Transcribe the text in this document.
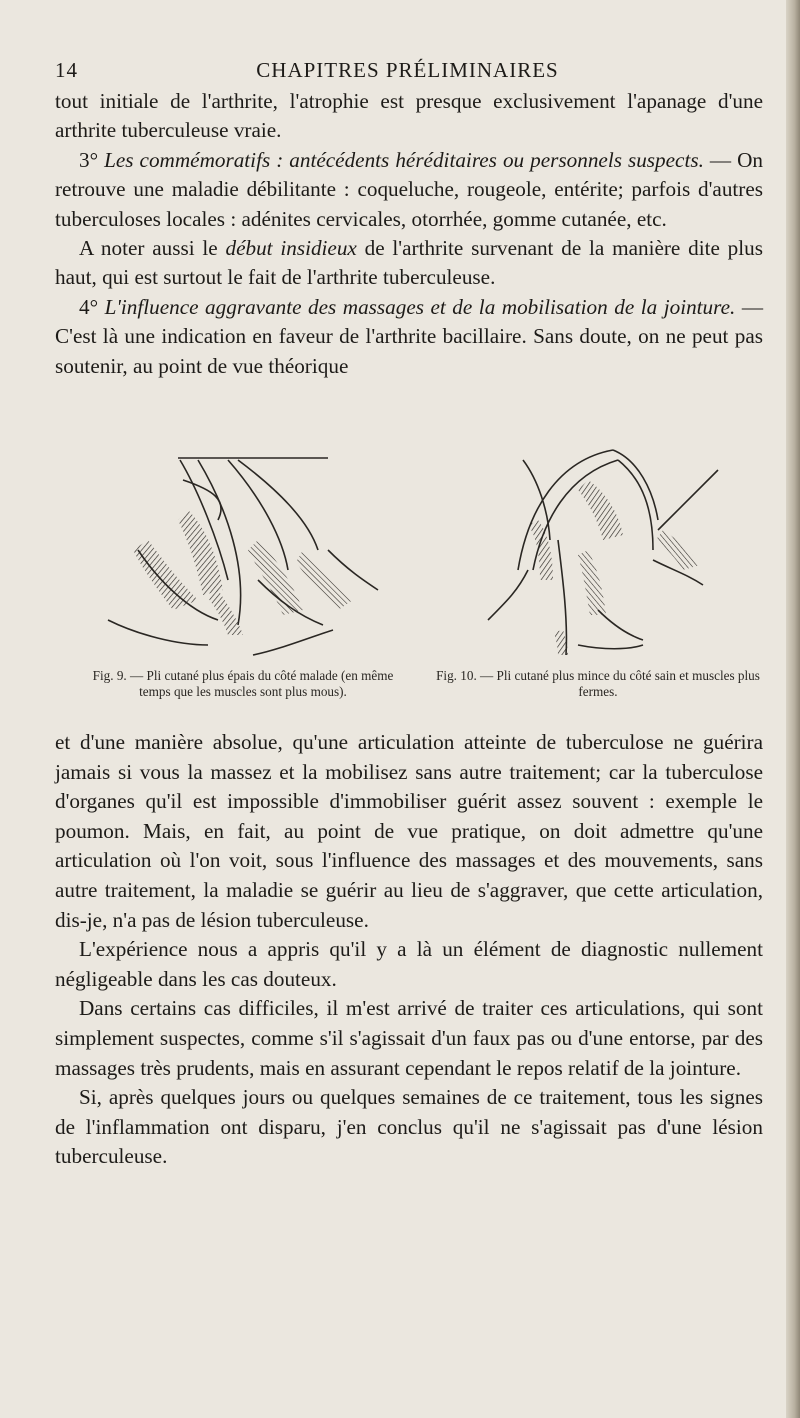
14	CHAPITRES PRÉLIMINAIRES

tout initiale de l'arthrite, l'atrophie est presque exclusivement l'apanage d'une arthrite tuberculeuse vraie.

3° Les commémoratifs : antécédents héréditaires ou personnels suspects. — On retrouve une maladie débilitante : coqueluche, rougeole, entérite; parfois d'autres tuberculoses locales : adénites cervicales, otorrhée, gomme cutanée, etc.

A noter aussi le début insidieux de l'arthrite survenant de la manière dite plus haut, qui est surtout le fait de l'arthrite tuberculeuse.

4° L'influence aggravante des massages et de la mobilisation de la jointure. — C'est là une indication en faveur de l'arthrite bacillaire. Sans doute, on ne peut pas soutenir, au point de vue théorique

Fig. 9. — Pli cutané plus épais du côté malade (en même temps que les muscles sont plus mous).
Fig. 10. — Pli cutané plus mince du côté sain et muscles plus fermes.

et d'une manière absolue, qu'une articulation atteinte de tuberculose ne guérira jamais si vous la massez et la mobilisez sans autre traitement; car la tuberculose d'organes qu'il est impossible d'immobiliser guérit assez souvent : exemple le poumon. Mais, en fait, au point de vue pratique, on doit admettre qu'une articulation où l'on voit, sous l'influence des massages et des mouvements, sans autre traitement, la maladie se guérir au lieu de s'aggraver, que cette articulation, dis-je, n'a pas de lésion tuberculeuse.

L'expérience nous a appris qu'il y a là un élément de diagnostic nullement négligeable dans les cas douteux.

Dans certains cas difficiles, il m'est arrivé de traiter ces articulations, qui sont simplement suspectes, comme s'il s'agissait d'un faux pas ou d'une entorse, par des massages très prudents, mais en assurant cependant le repos relatif de la jointure.

Si, après quelques jours ou quelques semaines de ce traitement, tous les signes de l'inflammation ont disparu, j'en conclus qu'il ne s'agissait pas d'une lésion tuberculeuse.
